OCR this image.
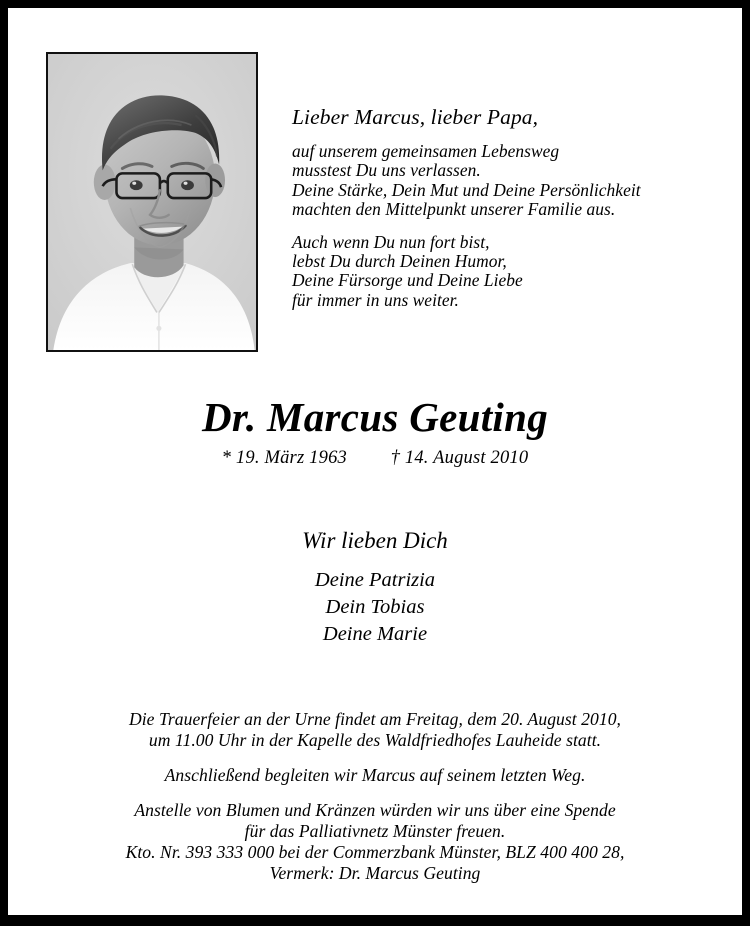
Lieber Marcus, lieber Papa,

auf unserem gemeinsamen Lebensweg
musstest Du uns verlassen.
Deine Stärke, Dein Mut und Deine Persönlichkeit
machten den Mittelpunkt unserer Familie aus.

Auch wenn Du nun fort bist,
lebst Du durch Deinen Humor,
Deine Fürsorge und Deine Liebe
für immer in uns weiter.

Dr. Marcus Geuting

* 19. März 1963 † 14. August 2010

Wir lieben Dich

Deine Patrizia

Dein Tobias

Deine Marie

Die Trauerfeier an der Urne findet am Freitag, dem 20. August 2010,
um 11.00 Uhr in der Kapelle des Waldfriedhofes Lauheide statt.

Anschließend begleiten wir Marcus auf seinem letzten Weg.

Anstelle von Blumen und Kränzen würden wir uns über eine Spende
für das Palliativnetz Münster freuen.
Kto. Nr. 393 333 000 bei der Commerzbank Münster, BLZ 400 400 28,
Vermerk: Dr. Marcus Geuting
